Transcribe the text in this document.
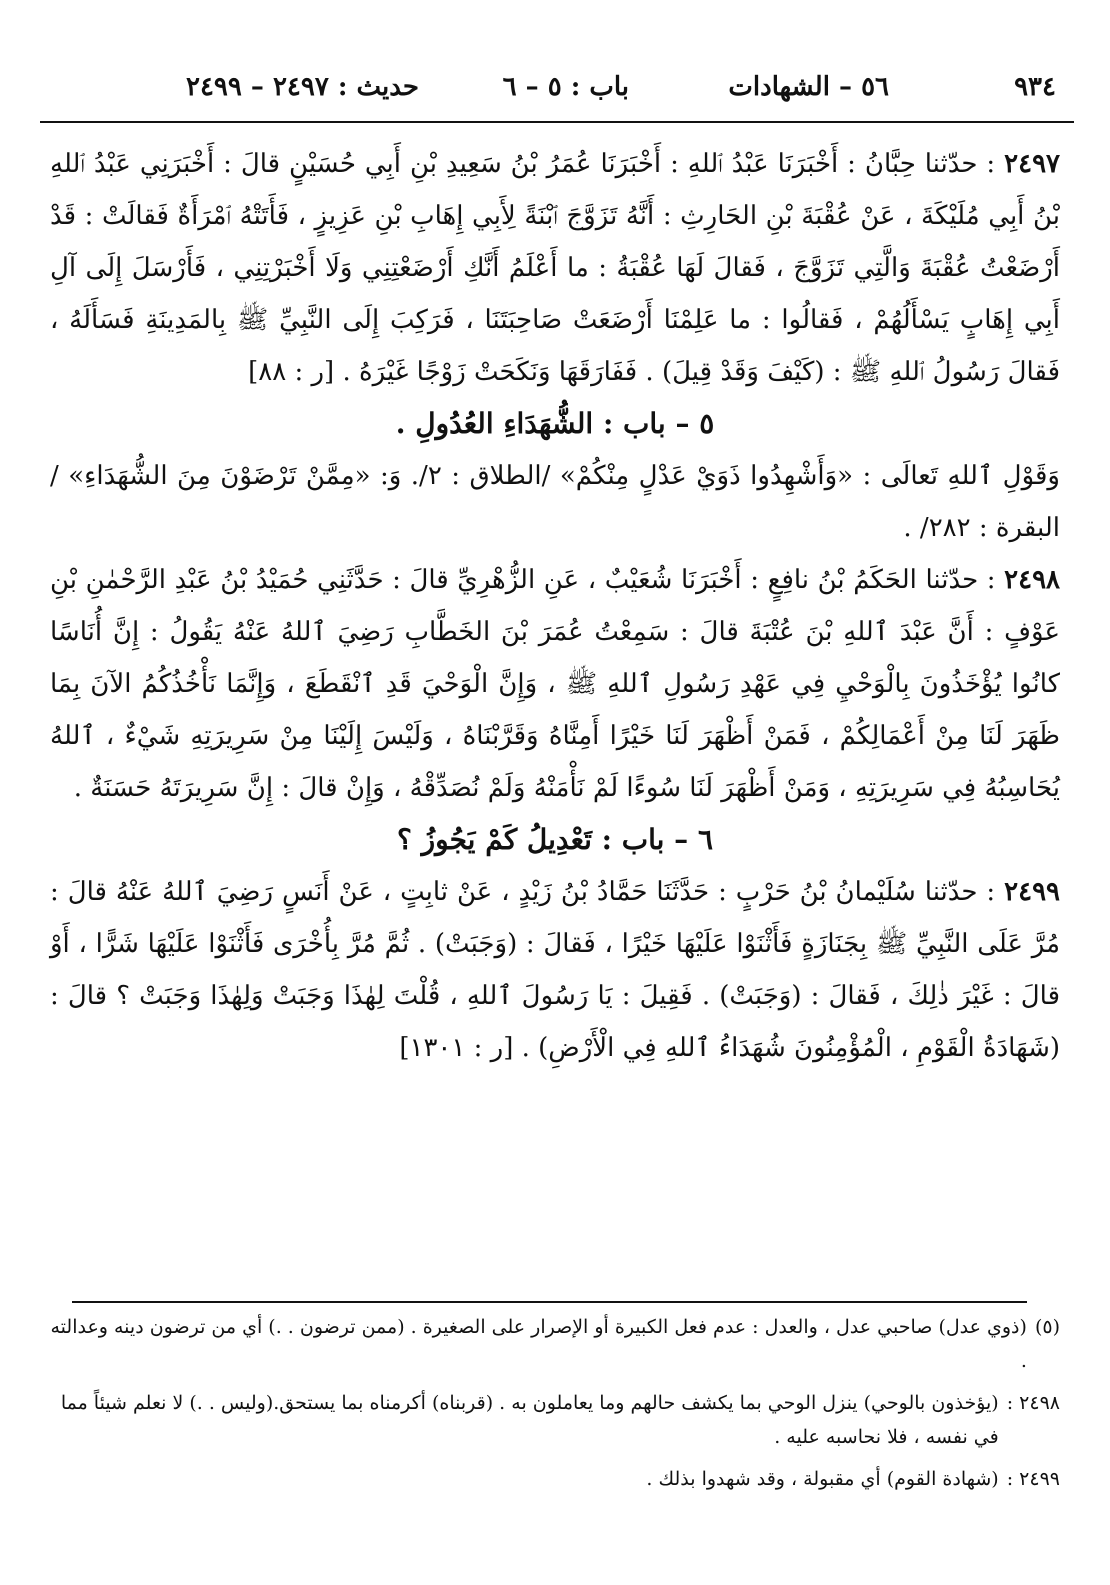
٩٣٤
٥٦ – الشهادات
باب : ٥ – ٦
حديث : ٢٤٩٧ – ٢٤٩٩

٢٤٩٧ : حدّثنا حِبَّانُ : أَخْبَرَنَا عَبْدُ ٱللهِ : أَخْبَرَنَا عُمَرُ بْنُ سَعِيدِ بْنِ أَبِي حُسَيْنٍ قالَ : أَخْبَرَنِي عَبْدُ ٱللهِ بْنُ أَبِي مُلَيْكَةَ ، عَنْ عُقْبَةَ بْنِ الحَارِثِ : أَنَّهُ تَزَوَّجَ ٱبْنَةً لِأَبِي إِهَابِ بْنِ عَزِيزٍ ، فَأَتَتْهُ ٱمْرَأَةٌ فَقالَتْ : قَدْ أَرْضَعْتُ عُقْبَةَ وَالَّتِي تَزَوَّجَ ، فَقالَ لَهَا عُقْبَةُ : ما أَعْلَمُ أَنَّكِ أَرْضَعْتِنِي وَلَا أَخْبَرْتِنِي ، فَأَرْسَلَ إِلَى آلِ أَبِي إِهَابٍ يَسْأَلُهُمْ ، فَقالُوا : ما عَلِمْنَا أَرْضَعَتْ صَاحِبَتَنَا ، فَرَكِبَ إِلَى النَّبِيِّ ﷺ بِالمَدِينَةِ فَسَأَلَهُ ، فَقالَ رَسُولُ ٱللهِ ﷺ : (كَيْفَ وَقَدْ قِيلَ) . فَفَارَقَهَا وَنَكَحَتْ زَوْجًا غَيْرَهُ . [ر : ٨٨]

٥ – باب : الشُّهَدَاءِ العُدُولِ .

وَقَوْلِ ٱللهِ تَعالَى : «وَأَشْهِدُوا ذَوَيْ عَدْلٍ مِنْكُمْ» /الطلاق : ٢/. وَ: «مِمَّنْ تَرْضَوْنَ مِنَ الشُّهَدَاءِ» /البقرة : ٢٨٢/ .

٢٤٩٨ : حدّثنا الحَكَمُ بْنُ نافِعٍ : أَخْبَرَنَا شُعَيْبٌ ، عَنِ الزُّهْرِيِّ قالَ : حَدَّثَنِي حُمَيْدُ بْنُ عَبْدِ الرَّحْمٰنِ بْنِ عَوْفٍ : أَنَّ عَبْدَ ٱللهِ بْنَ عُتْبَةَ قالَ : سَمِعْتُ عُمَرَ بْنَ الخَطَّابِ رَضِيَ ٱللهُ عَنْهُ يَقُولُ : إِنَّ أُنَاسًا كانُوا يُؤْخَذُونَ بِالْوَحْيِ فِي عَهْدِ رَسُولِ ٱللهِ ﷺ ، وَإِنَّ الْوَحْيَ قَدِ ٱنْقَطَعَ ، وَإِنَّمَا نَأْخُذُكُمُ الآنَ بِمَا ظَهَرَ لَنَا مِنْ أَعْمَالِكُمْ ، فَمَنْ أَظْهَرَ لَنَا خَيْرًا أَمِنَّاهُ وَقَرَّبْنَاهُ ، وَلَيْسَ إِلَيْنَا مِنْ سَرِيرَتِهِ شَيْءٌ ، ٱللهُ يُحَاسِبُهُ فِي سَرِيرَتِهِ ، وَمَنْ أَظْهَرَ لَنَا سُوءًا لَمْ نَأْمَنْهُ وَلَمْ نُصَدِّقْهُ ، وَإِنْ قالَ : إِنَّ سَرِيرَتَهُ حَسَنَةٌ .

٦ – باب : تَعْدِيلُ كَمْ يَجُوزُ ؟

٢٤٩٩ : حدّثنا سُلَيْمانُ بْنُ حَرْبٍ : حَدَّثَنَا حَمَّادُ بْنُ زَيْدٍ ، عَنْ ثابِتٍ ، عَنْ أَنَسٍ رَضِيَ ٱللهُ عَنْهُ قالَ : مُرَّ عَلَى النَّبِيِّ ﷺ بِجَنَازَةٍ فَأَثْنَوْا عَلَيْهَا خَيْرًا ، فَقالَ : (وَجَبَتْ) . ثُمَّ مُرَّ بِأُخْرَى فَأَثْنَوْا عَلَيْهَا شَرًّا ، أَوْ قالَ : غَيْرَ ذٰلِكَ ، فَقالَ : (وَجَبَتْ) . فَقِيلَ : يَا رَسُولَ ٱللهِ ، قُلْتَ لِهٰذَا وَجَبَتْ وَلِهٰذَا وَجَبَتْ ؟ قالَ : (شَهَادَةُ الْقَوْمِ ، الْمُؤْمِنُونَ شُهَدَاءُ ٱللهِ فِي الْأَرْضِ) . [ر : ١٣٠١]

(٥)
(ذوي عدل) صاحبي عدل ، والعدل : عدم فعل الكبيرة أو الإصرار على الصغيرة . (ممن ترضون . .) أي من ترضون دينه وعدالته .
٢٤٩٨ :
(يؤخذون بالوحي) ينزل الوحي بما يكشف حالهم وما يعاملون به . (قربناه) أكرمناه بما يستحق.(وليس . .) لا نعلم شيئاً مما في نفسه ، فلا نحاسبه عليه .
٢٤٩٩ :
(شهادة القوم) أي مقبولة ، وقد شهدوا بذلك .
